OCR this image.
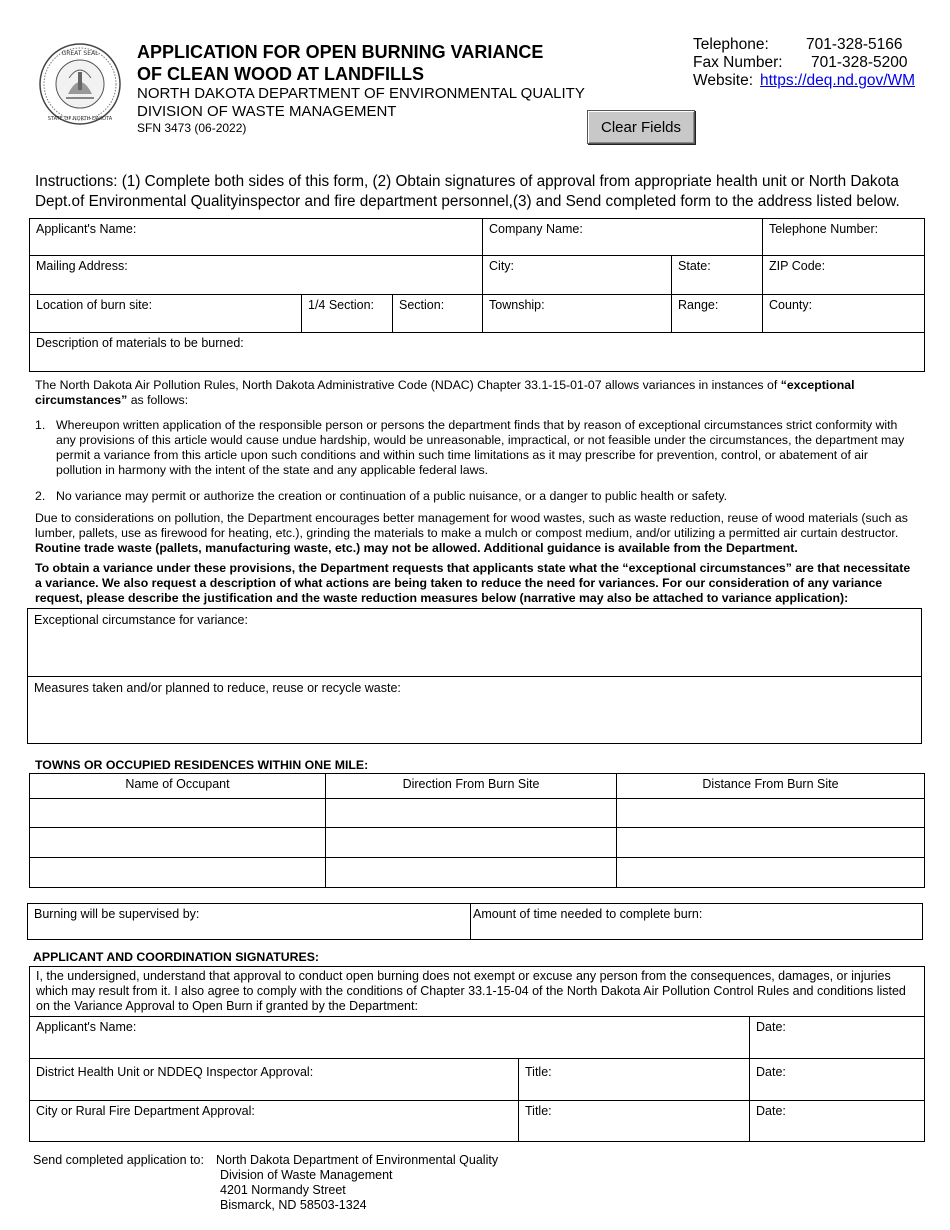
GREAT SEAL
STATE OF NORTH DAKOTA
APPLICATION FOR OPEN BURNING VARIANCE
OF CLEAN WOOD AT LANDFILLS
NORTH DAKOTA DEPARTMENT OF ENVIRONMENTAL QUALITY
DIVISION OF WASTE MANAGEMENT
SFN 3473 (06-2022)
Telephone: 701-328-5166
Fax Number: 701-328-5200
Website: https://deq.nd.gov/WM
Clear Fields
Instructions: (1) Complete both sides of this form, (2) Obtain signatures of approval from appropriate health unit or North Dakota Dept.of Environmental Qualityinspector and fire department personnel,(3) and Send completed form to the address listed below.
Applicant's Name:			Company Name:		Telephone Number:

Mailing Address:			City:	State:	ZIP Code:

Location of burn site:	1/4 Section:	Section:	Township:	Range:	County:

Description of materials to be burned:					
The North Dakota Air Pollution Rules, North Dakota Administrative Code (NDAC) Chapter 33.1-15-01-07 allows variances in instances of “exceptional circumstances” as follows:
1. Whereupon written application of the responsible person or persons the department finds that by reason of exceptional circumstances strict conformity with any provisions of this article would cause undue hardship, would be unreasonable, impractical, or not feasible under the circumstances, the department may permit a variance from this article upon such conditions and within such time limitations as it may prescribe for prevention, control, or abatement of air pollution in harmony with the intent of the state and any applicable federal laws.
2. No variance may permit or authorize the creation or continuation of a public nuisance, or a danger to public health or safety.
Due to considerations on pollution, the Department encourages better management for wood wastes, such as waste reduction, reuse of wood materials (such as lumber, pallets, use as firewood for heating, etc.), grinding the materials to make a mulch or compost medium, and/or utilizing a permitted air curtain destructor. Routine trade waste (pallets, manufacturing waste, etc.) may not be allowed. Additional guidance is available from the Department.
To obtain a variance under these provisions, the Department requests that applicants state what the “exceptional circumstances” are that necessitate a variance. We also request a description of what actions are being taken to reduce the need for variances. For our consideration of any variance request, please describe the justification and the waste reduction measures below (narrative may also be attached to variance application):
Exceptional circumstance for variance:
Measures taken and/or planned to reduce, reuse or recycle waste:
TOWNS OR OCCUPIED RESIDENCES WITHIN ONE MILE:
Name of Occupant	Direction From Burn Site	Distance From Burn Site

Burning will be supervised by:	Amount of time needed to complete burn:
APPLICANT AND COORDINATION SIGNATURES:
I, the undersigned, understand that approval to conduct open burning does not exempt or excuse any person from the consequences, damages, or injuries which may result from it. I also agree to comply with the conditions of Chapter 33.1-15-04 of the North Dakota Air Pollution Control Rules and conditions listed on the Variance Approval to Open Burn if granted by the Department:		
Applicant's Name:		Date:
District Health Unit or NDDEQ Inspector Approval:	Title:	Date:
City or Rural Fire Department Approval:	Title:	Date:
Send completed application to: North Dakota Department of Environmental Quality
Division of Waste Management
4201 Normandy Street
Bismarck, ND 58503-1324
